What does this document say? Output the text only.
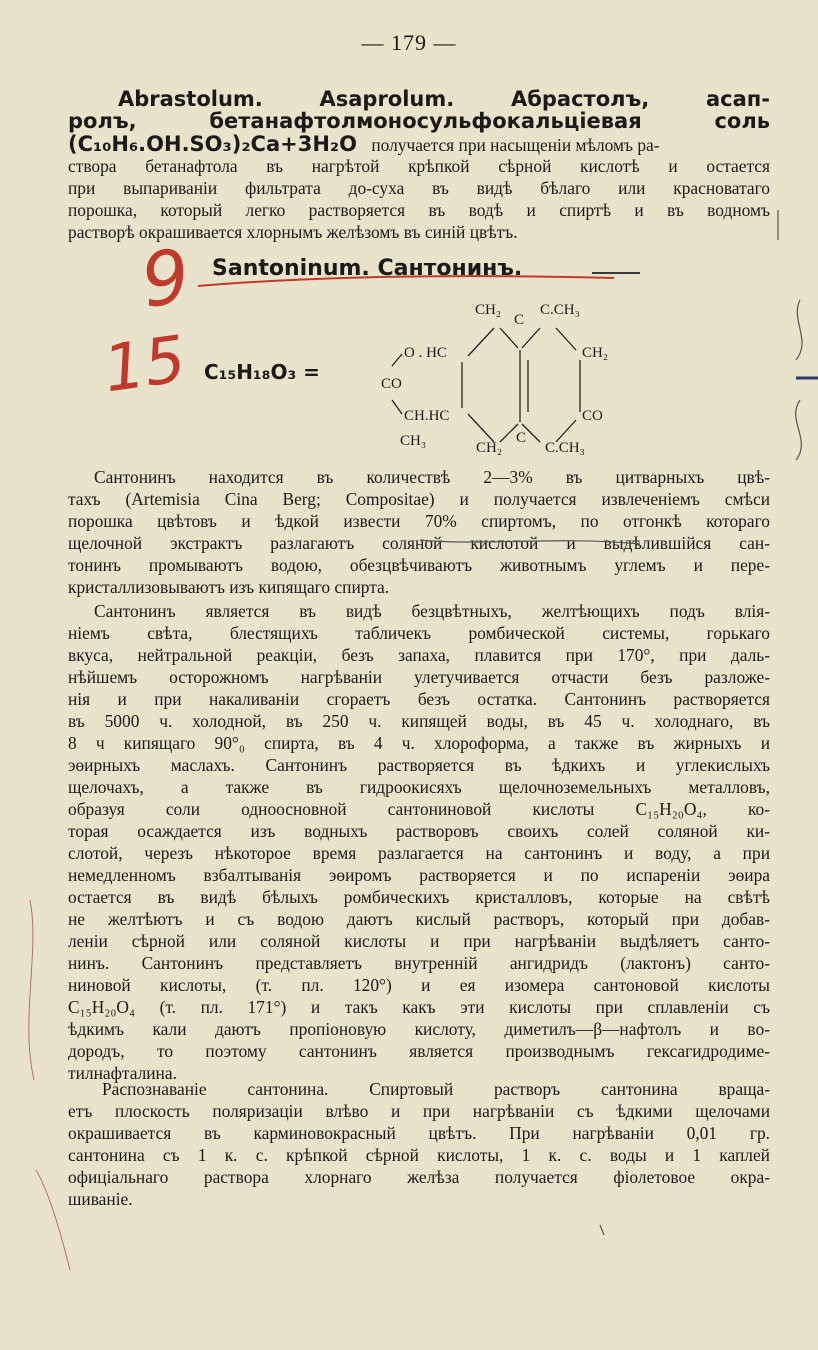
— 179 —
Abrastolum. Asaprolum. Абрастолъ, асап-
ролъ, бетанафтолмоносульфокальцiевая соль
(C₁₀H₆.OH.SO₃)₂Ca+3H₂O получается при насыщенiи мѣломъ ра-
створа бетанафтола въ нагрѣтой крѣпкой сѣрной кислотѣ и остается
при выпариванiи фильтрата до-суха въ видѣ бѣлаго или красноватаго
порошка, который легко растворяется въ водѣ и спиртѣ и въ водномъ
растворѣ окрашивается хлорнымъ желѣзомъ въ синiй цвѣтъ.
Santoninum. Сантонинъ.
9
15 C₁₅H₁₈O₃ =
CH₂
C
C.CH₃
O . HC	CH₂
CO
CH.HC	CO
CH₃	CH₂
C
C.CH₃
Сантонинъ находится въ количествѣ 2—3% въ цитварныхъ цвѣ-
тахъ (Artemisia Cina Berg; Compositae) и получается извлеченiемъ смѣси
порошка цвѣтовъ и ѣдкой извести 70% спиртомъ, по отгонкѣ котораго
щелочной экстрактъ разлагаютъ соляной кислотой и выдѣлившiйся сан-
тонинъ промываютъ водою, обезцвѣчиваютъ животнымъ углемъ и пере-
кристаллизовываютъ изъ кипящаго спирта.
Сантонинъ является въ видѣ безцвѣтныхъ, желтѣющихъ подъ влiя-
нiемъ свѣта, блестящихъ табличекъ ромбической системы, горькаго
вкуса, нейтральной реакцiи, безъ запаха, плавится при 170°, при даль-
нѣйшемъ осторожномъ нагрѣванiи улетучивается отчасти безъ разложе-
нiя и при накаливанiи сгораетъ безъ остатка. Сантонинъ растворяется
въ 5000 ч. холодной, въ 250 ч. кипящей воды, въ 45 ч. холоднаго, въ
8 ч кипящаго 90°₀ спирта, въ 4 ч. хлороформа, а также въ жирныхъ и
эөирныхъ маслахъ. Сантонинъ растворяется въ ѣдкихъ и углекислыхъ
щелочахъ, а также въ гидроокисяхъ щелочноземельныхъ металловъ,
образуя соли одноосновной сантониновой кислоты C₁₅H₂₀O₄, ко-
торая осаждается изъ водныхъ растворовъ своихъ солей соляной ки-
слотой, черезъ нѣкоторое время разлагается на сантонинъ и воду, а при
немедленномъ взбалтыванiя эөиромъ растворяется и по испаренiи эөира
остается въ видѣ бѣлыхъ ромбическихъ кристалловъ, которые на свѣтѣ
не желтѣютъ и съ водою даютъ кислый растворъ, который при добав-
ленiи сѣрной или соляной кислоты и при нагрѣванiи выдѣляетъ санто-
нинъ. Сантонинъ представляетъ внутреннiй ангидридъ (лактонъ) санто-
ниновой кислоты, (т. пл. 120°) и ея изомера сантоновой кислоты
C₁₅H₂₀O₄ (т. пл. 171°) и такъ какъ эти кислоты при сплавленiи съ
ѣдкимъ кали даютъ пропiоновую кислоту, диметилъ—β—нафтолъ и во-
дородъ, то поэтому сантонинъ является производнымъ гексагидродиме-
тилнафталина.
Распознаванiе сантонина. Спиртовый растворъ сантонина враща-
етъ плоскость поляризацiи влѣво и при нагрѣванiи съ ѣдкими щелочами
окрашивается въ карминовокрасный цвѣтъ. При нагрѣванiи 0,01 гр.
сантонина съ 1 к. с. крѣпкой сѣрной кислоты, 1 к. с. воды и 1 каплей
офицiальнаго раствора хлорнаго желѣза получается фiолетовое окра-
шиванiе.
